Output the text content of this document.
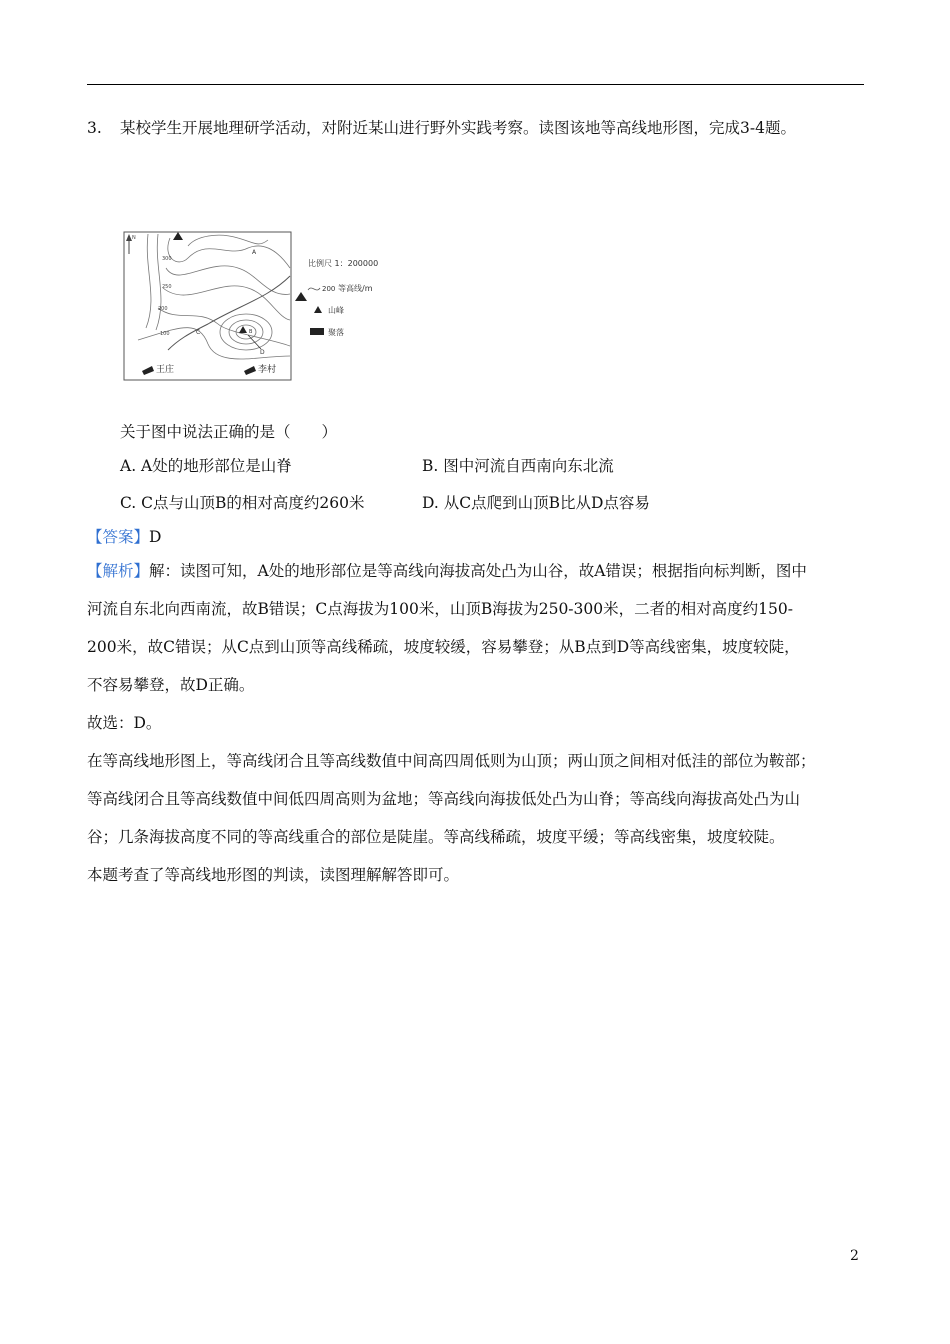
3. 某校学生开展地理研学活动，对附近某山进行野外实践考察。读图该地等高线地形图，完成3-4题。
N
300
250
200
100
A
C	B
D
王庄	李村
比例尺 1：200000
200 等高线/m
山峰
聚落
关于图中说法正确的是（　　）
A. A处的地形部位是山脊	B. 图中河流自西南向东北流
C. C点与山顶B的相对高度约260米	D. 从C点爬到山顶B比从D点容易
【答案】D
【解析】解：读图可知，A处的地形部位是等高线向海拔高处凸为山谷，故A错误；根据指向标判断，图中
河流自东北向西南流，故B错误；C点海拔为100米，山顶B海拔为250-300米，二者的相对高度约150-
200米，故C错误；从C点到山顶等高线稀疏，坡度较缓，容易攀登；从B点到D等高线密集，坡度较陡，
不容易攀登，故D正确。
故选：D。
在等高线地形图上，等高线闭合且等高线数值中间高四周低则为山顶；两山顶之间相对低洼的部位为鞍部；
等高线闭合且等高线数值中间低四周高则为盆地；等高线向海拔低处凸为山脊；等高线向海拔高处凸为山
谷；几条海拔高度不同的等高线重合的部位是陡崖。等高线稀疏，坡度平缓；等高线密集，坡度较陡。
本题考查了等高线地形图的判读，读图理解解答即可。
2
